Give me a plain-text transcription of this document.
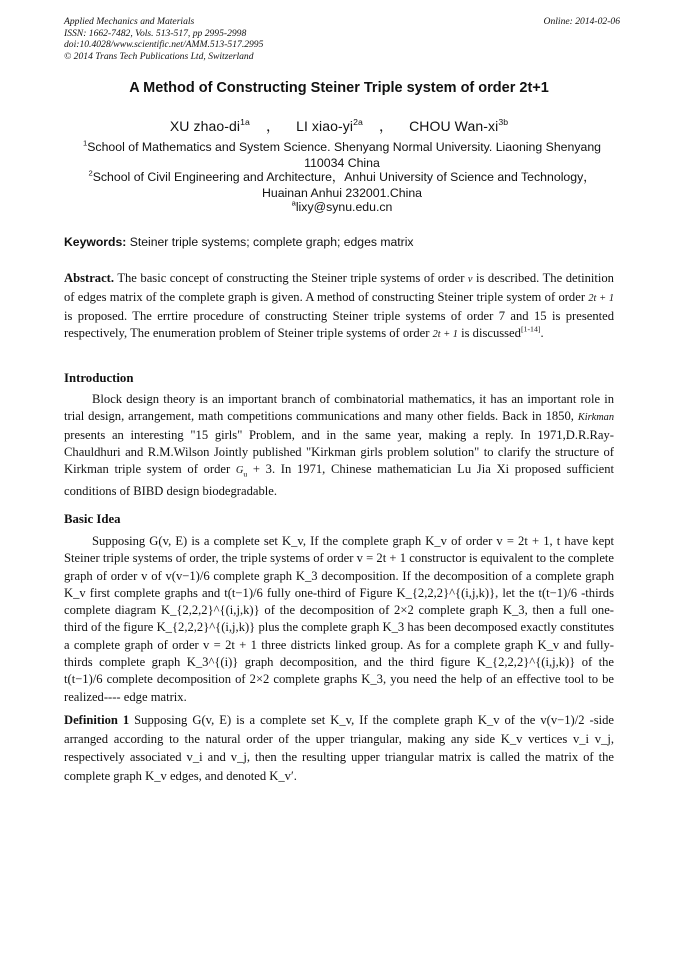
Applied Mechanics and Materials
ISSN: 1662-7482, Vols. 513-517, pp 2995-2998
doi:10.4028/www.scientific.net/AMM.513-517.2995
© 2014 Trans Tech Publications Ltd, Switzerland
Online: 2014-02-06
A Method of Constructing Steiner Triple system of order 2t+1
XU zhao-$di^{1a}$ ， LI xiao-$yi^{2a}$ ， CHOU Wan-$xi^{3b}$
$^1$School of Mathematics and System Science. Shenyang Normal University. Liaoning Shenyang
110034 China
$^2$School of Civil Engineering and Architecture，Anhui University of Science and Technology，
Huainan Anhui 232001.China
$^a$lixy@synu.edu.cn
Keywords: Steiner triple systems; complete graph; edges matrix
Abstract. The basic concept of constructing the Steiner triple systems of order v is described. The detinition of edges matrix of the complete graph is given. A method of constructing Steiner triple system of order 2t + 1 is proposed. The errtire procedure of constructing Steiner triple systems of order 7 and 15 is presented respectively, The enumeration problem of Steiner triple systems of order 2t + 1 is discussed[1-14].
Introduction
Block design theory is an important branch of combinatorial mathematics, it has an important role in trial design, arrangement, math competitions communications and many other fields. Back in 1850, Kirkman presents an interesting "15 girls" Problem, and in the same year, making a reply. In 1971,D.R.Ray-Chauldhuri and R.M.Wilson Jointly published "Kirkman girls problem solution" to clarify the structure of Kirkman triple system of order $G_u + 3$. In 1971, Chinese mathematician Lu Jia Xi proposed sufficient conditions of BIBD design biodegradable.
Basic Idea
Supposing G(v, E) is a complete set K_v, If the complete graph K_v of order v = 2t + 1, t have kept Steiner triple systems of order, the triple systems of order v = 2t + 1 constructor is equivalent to the complete graph of order v of v(v−1)/6 complete graph K_3 decomposition. If the decomposition of a complete graph K_v first complete graphs and t(t−1)/6 fully one-third of Figure K_{2,2,2}^{(i,j,k)}, let the t(t−1)/6 -thirds complete diagram K_{2,2,2}^{(i,j,k)} of the decomposition of 2×2 complete graph K_3, then a full one-third of the figure K_{2,2,2}^{(i,j,k)} plus the complete graph K_3 has been decomposed exactly constitutes a complete graph of order v = 2t + 1 three districts linked group. As for a complete graph K_v and fully-thirds complete graph K_3^{(i)} graph decomposition, and the third figure K_{2,2,2}^{(i,j,k)} of the t(t−1)/6 complete decomposition of 2×2 complete graphs K_3, you need the help of an effective tool to be realized---- edge matrix.
Definition 1 Supposing G(v, E) is a complete set K_v, If the complete graph K_v of the v(v−1)/2 -side arranged according to the natural order of the upper triangular, making any side K_v vertices v_i v_j, respectively associated v_i and v_j, then the resulting upper triangular matrix is called the matrix of the complete graph K_v edges, and denoted K_v′.
